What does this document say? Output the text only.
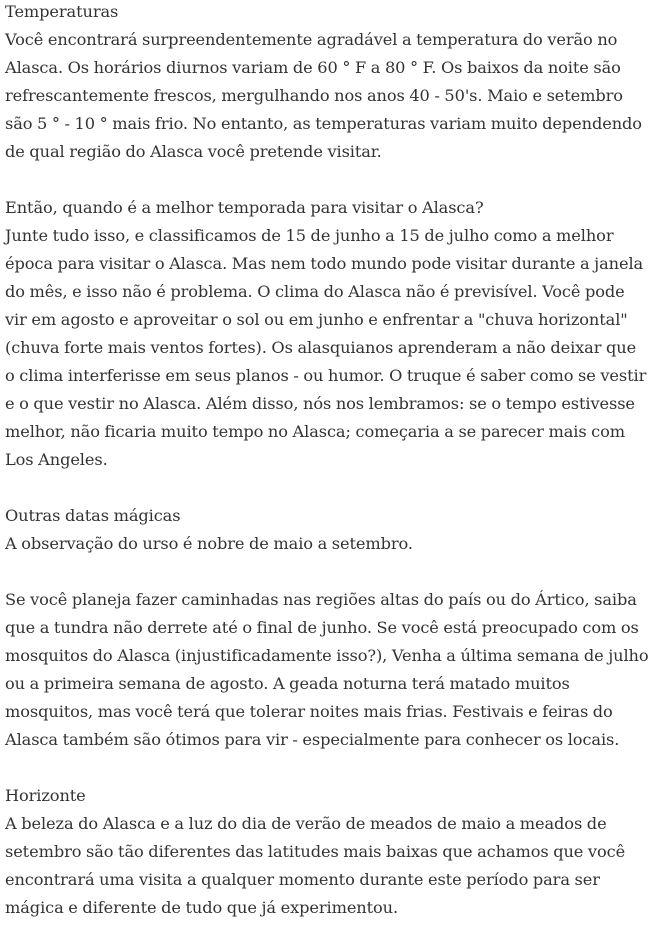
Temperaturas

Você encontrará surpreendentemente agradável a temperatura do verão no Alasca. Os horários diurnos variam de 60 ° F a 80 ° F. Os baixos da noite são refrescantemente frescos, mergulhando nos anos 40 - 50's. Maio e setembro são 5 ° - 10 ° mais frio. No entanto, as temperaturas variam muito dependendo de qual região do Alasca você pretende visitar.

Então, quando é a melhor temporada para visitar o Alasca?

Junte tudo isso, e classificamos de 15 de junho a 15 de julho como a melhor época para visitar o Alasca. Mas nem todo mundo pode visitar durante a janela do mês, e isso não é problema. O clima do Alasca não é previsível. Você pode vir em agosto e aproveitar o sol ou em junho e enfrentar a "chuva horizontal" (chuva forte mais ventos fortes). Os alasquianos aprenderam a não deixar que o clima interferisse em seus planos - ou humor. O truque é saber como se vestir e o que vestir no Alasca. Além disso, nós nos lembramos: se o tempo estivesse melhor, não ficaria muito tempo no Alasca; começaria a se parecer mais com Los Angeles.

Outras datas mágicas

A observação do urso é nobre de maio a setembro.

Se você planeja fazer caminhadas nas regiões altas do país ou do Ártico, saiba que a tundra não derrete até o final de junho. Se você está preocupado com os mosquitos do Alasca (injustificadamente isso?), Venha a última semana de julho ou a primeira semana de agosto. A geada noturna terá matado muitos mosquitos, mas você terá que tolerar noites mais frias. Festivais e feiras do Alasca também são ótimos para vir - especialmente para conhecer os locais.

Horizonte

A beleza do Alasca e a luz do dia de verão de meados de maio a meados de setembro são tão diferentes das latitudes mais baixas que achamos que você encontrará uma visita a qualquer momento durante este período para ser mágica e diferente de tudo que já experimentou.
